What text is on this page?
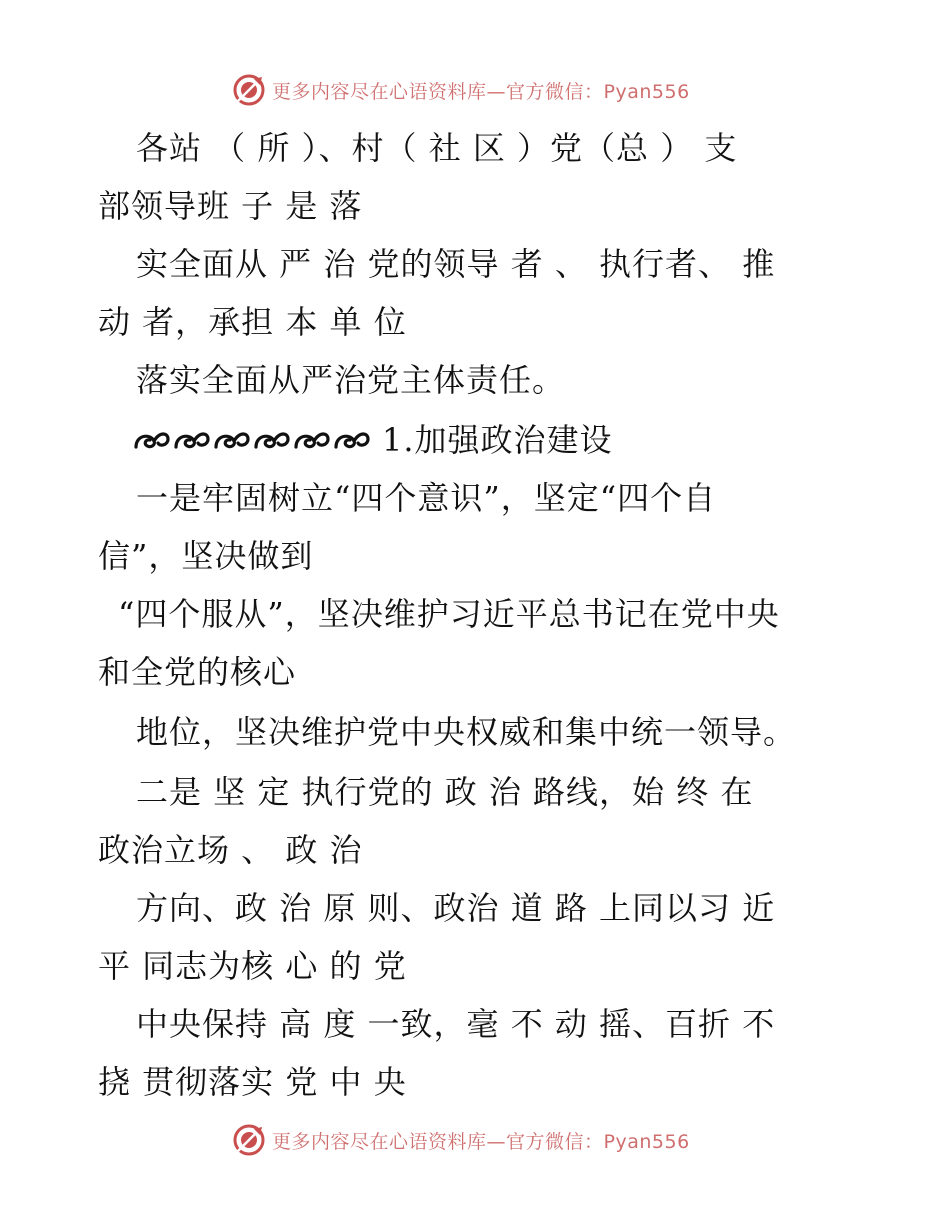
更多内容尽在心语资料库—官方微信：Pyan556
各站 （ 所 ）、村（ 社 区 ）党（总 ） 支
部领导班 子 是 落
实全面从 严 治 党的领导 者 、 执行者、 推
动 者，承担 本 单 位
落实全面从严治党主体责任。
1.加强政治建设
一是牢固树立“四个意识”，坚定“四个自
信”，坚决做到
“四个服从”，坚决维护习近平总书记在党中央
和全党的核心
地位，坚决维护党中央权威和集中统一领导。
二是 坚 定 执行党的 政 治 路线，始 终 在
政治立场 、 政 治
方向、政 治 原 则、政治 道 路 上同以习 近
平 同志为核 心 的 党
中央保持 高 度 一致，毫 不 动 摇、百折 不
挠 贯彻落实 党 中 央
更多内容尽在心语资料库—官方微信：Pyan556
